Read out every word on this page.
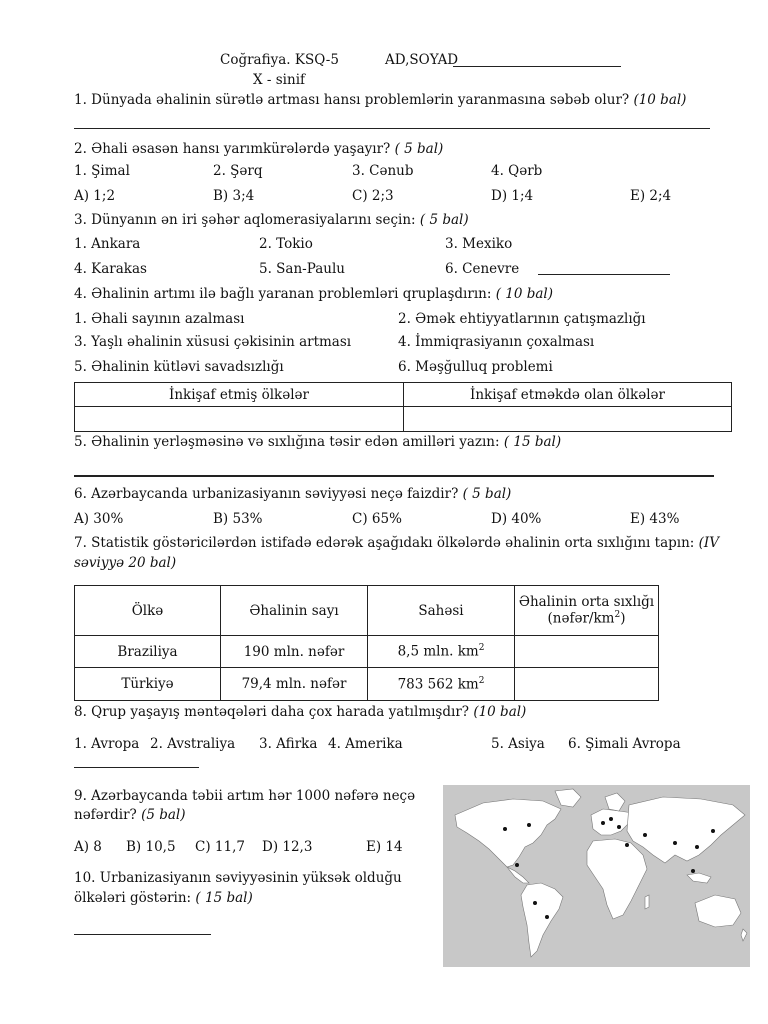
Coğrafiya. KSQ-5	AD,SOYAD
X - sinif
1. Dünyada əhalinin sürətlə artması hansı problemlərin yaranmasına səbəb olur? (10 bal)
2. Əhali əsasən hansı yarımkürələrdə yaşayır? ( 5 bal)
1. Şimal	2. Şərq	3. Cənub	4. Qərb
A) 1;2	B) 3;4	C) 2;3	D) 1;4	E) 2;4
3. Dünyanın ən iri şəhər aqlomerasiyalarını seçin: ( 5 bal)
1. Ankara	2. Tokio	3. Mexiko
4. Karakas	5. San-Paulu	6. Cenevre
4. Əhalinin artımı ilə bağlı yaranan problemləri qruplaşdırın: ( 10 bal)
1. Əhali sayının azalması	2. Əmək ehtiyyatlarının çatışmazlığı
3. Yaşlı əhalinin xüsusi çəkisinin artması	4. İmmiqrasiyanın çoxalması
5. Əhalinin kütləvi savadsızlığı	6. Məşğulluq problemi
İnkişaf etmiş ölkələr	İnkişaf etməkdə olan ölkələr

5. Əhalinin yerləşməsinə və sıxlığına təsir edən amilləri yazın: ( 15 bal)
6. Azərbaycanda urbanizasiyanın səviyyəsi neçə faizdir? ( 5 bal)
A) 30%	B) 53%	C) 65%	D) 40%	E) 43%
7. Statistik göstəricilərdən istifadə edərək aşağıdakı ölkələrdə əhalinin orta sıxlığını tapın: (IV
səviyyə 20 bal)
Ölkə	Əhalinin sayı	Sahəsi	Əhalinin orta sıxlığı
$(nəfər/km^2)$
Braziliya	190 mln. nəfər	8,5 mln. $km^2$	
Türkiyə	79,4 mln. nəfər	783 562 $km^2$	
8. Qrup yaşayış məntəqələri daha çox harada yatılmışdır? (10 bal)
1. Avropa 2. Avstraliya 3. Afirka 4. Amerika	5. Asiya 6. Şimali Avropa
9. Azərbaycanda təbii artım hər 1000 nəfərə neçə
nəfərdir? (5 bal)
A) 8 B) 10,5 C) 11,7 D) 12,3	E) 14
10. Urbanizasiyanın səviyyəsinin yüksək olduğu
ölkələri göstərin: ( 15 bal)
